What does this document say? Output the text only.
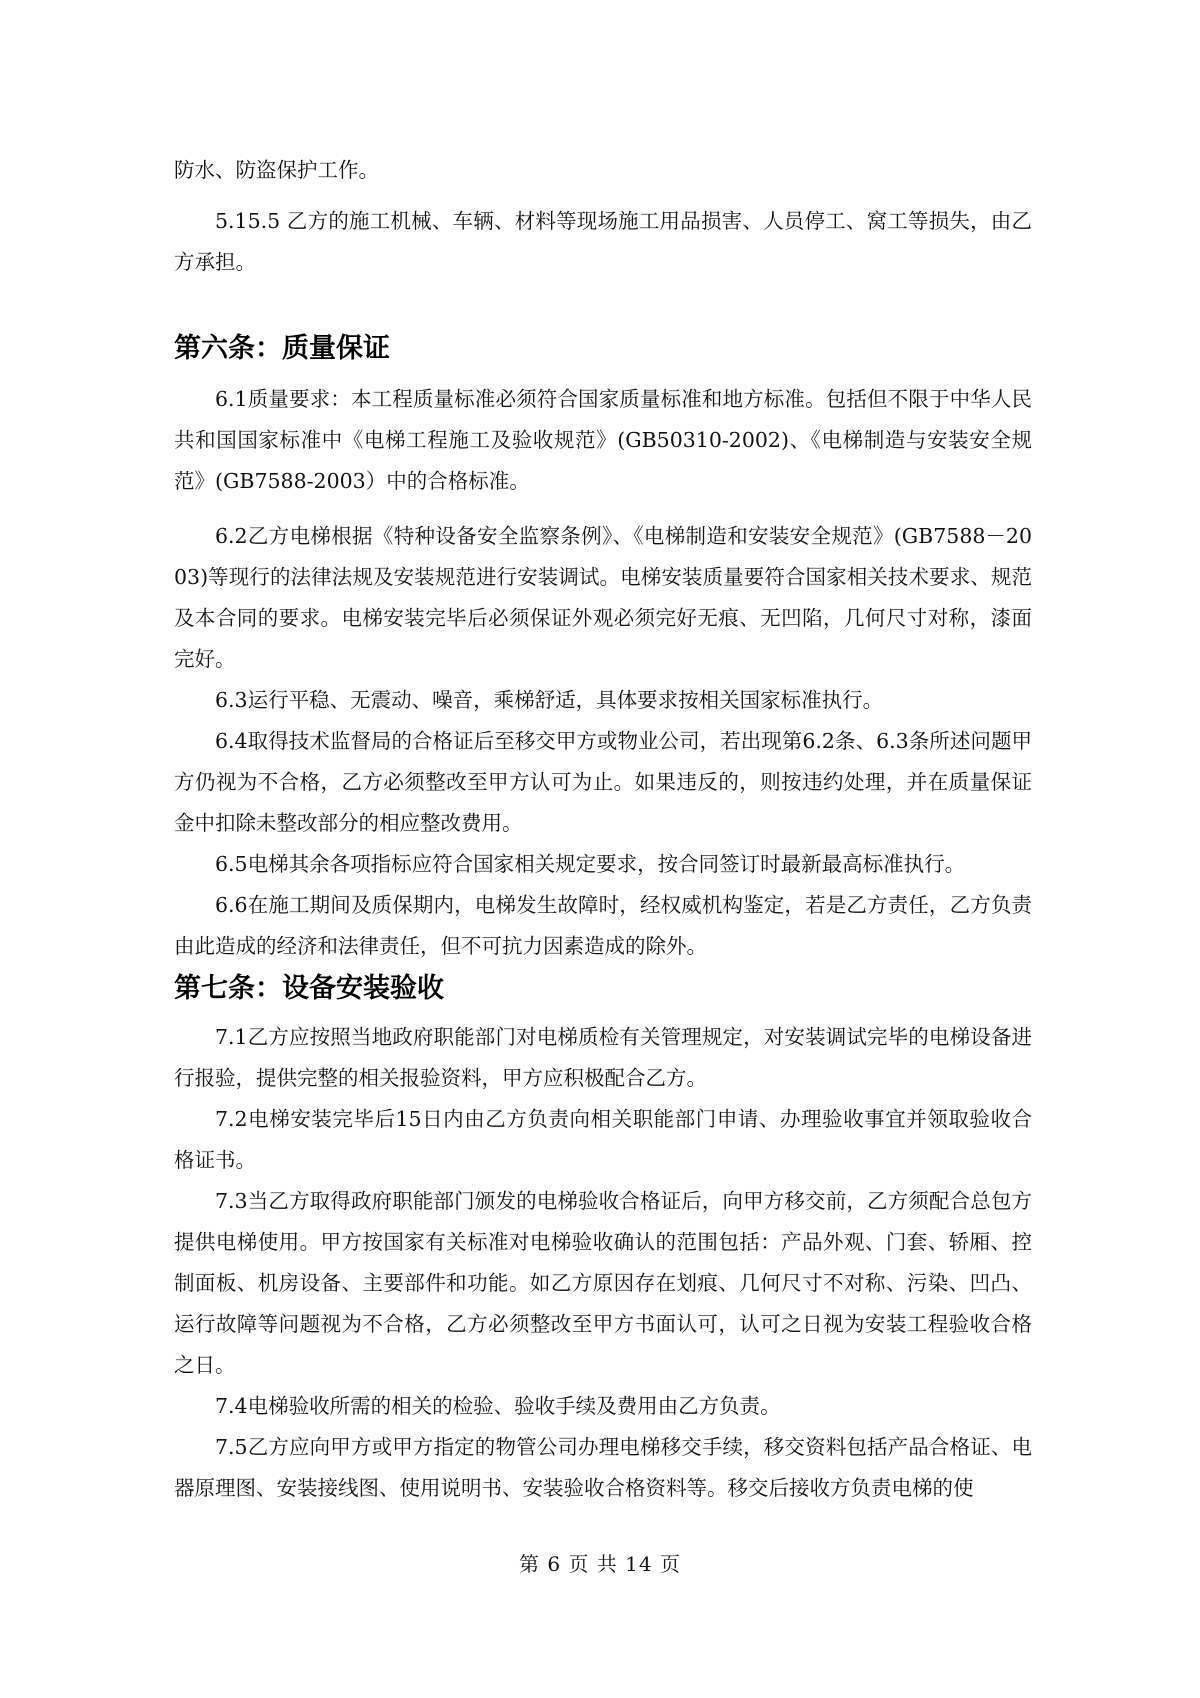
防水、防盗保护工作。

5.15.5 乙方的施工机械、车辆、材料等现场施工用品损害、人员停工、窝工等损失，由乙方承担。

第六条：质量保证

6.1质量要求：本工程质量标准必须符合国家质量标准和地方标准。包括但不限于中华人民共和国国家标准中《电梯工程施工及验收规范》(GB50310-2002)、《电梯制造与安装安全规范》(GB7588-2003）中的合格标准。

6.2乙方电梯根据《特种设备安全监察条例》、《电梯制造和安装安全规范》(GB7588－2003)等现行的法律法规及安装规范进行安装调试。电梯安装质量要符合国家相关技术要求、规范及本合同的要求。电梯安装完毕后必须保证外观必须完好无痕、无凹陷，几何尺寸对称，漆面完好。

6.3运行平稳、无震动、噪音，乘梯舒适，具体要求按相关国家标准执行。

6.4取得技术监督局的合格证后至移交甲方或物业公司，若出现第6.2条、6.3条所述问题甲方仍视为不合格，乙方必须整改至甲方认可为止。如果违反的，则按违约处理，并在质量保证金中扣除未整改部分的相应整改费用。

6.5电梯其余各项指标应符合国家相关规定要求，按合同签订时最新最高标准执行。

6.6在施工期间及质保期内，电梯发生故障时，经权威机构鉴定，若是乙方责任，乙方负责由此造成的经济和法律责任，但不可抗力因素造成的除外。

第七条：设备安装验收

7.1乙方应按照当地政府职能部门对电梯质检有关管理规定，对安装调试完毕的电梯设备进行报验，提供完整的相关报验资料，甲方应积极配合乙方。

7.2电梯安装完毕后15日内由乙方负责向相关职能部门申请、办理验收事宜并领取验收合格证书。

7.3当乙方取得政府职能部门颁发的电梯验收合格证后，向甲方移交前，乙方须配合总包方提供电梯使用。甲方按国家有关标准对电梯验收确认的范围包括：产品外观、门套、轿厢、控制面板、机房设备、主要部件和功能。如乙方原因存在划痕、几何尺寸不对称、污染、凹凸、运行故障等问题视为不合格，乙方必须整改至甲方书面认可，认可之日视为安装工程验收合格之日。

7.4电梯验收所需的相关的检验、验收手续及费用由乙方负责。

7.5乙方应向甲方或甲方指定的物管公司办理电梯移交手续，移交资料包括产品合格证、电器原理图、安装接线图、使用说明书、安装验收合格资料等。移交后接收方负责电梯的使

第 6 页 共 14 页
